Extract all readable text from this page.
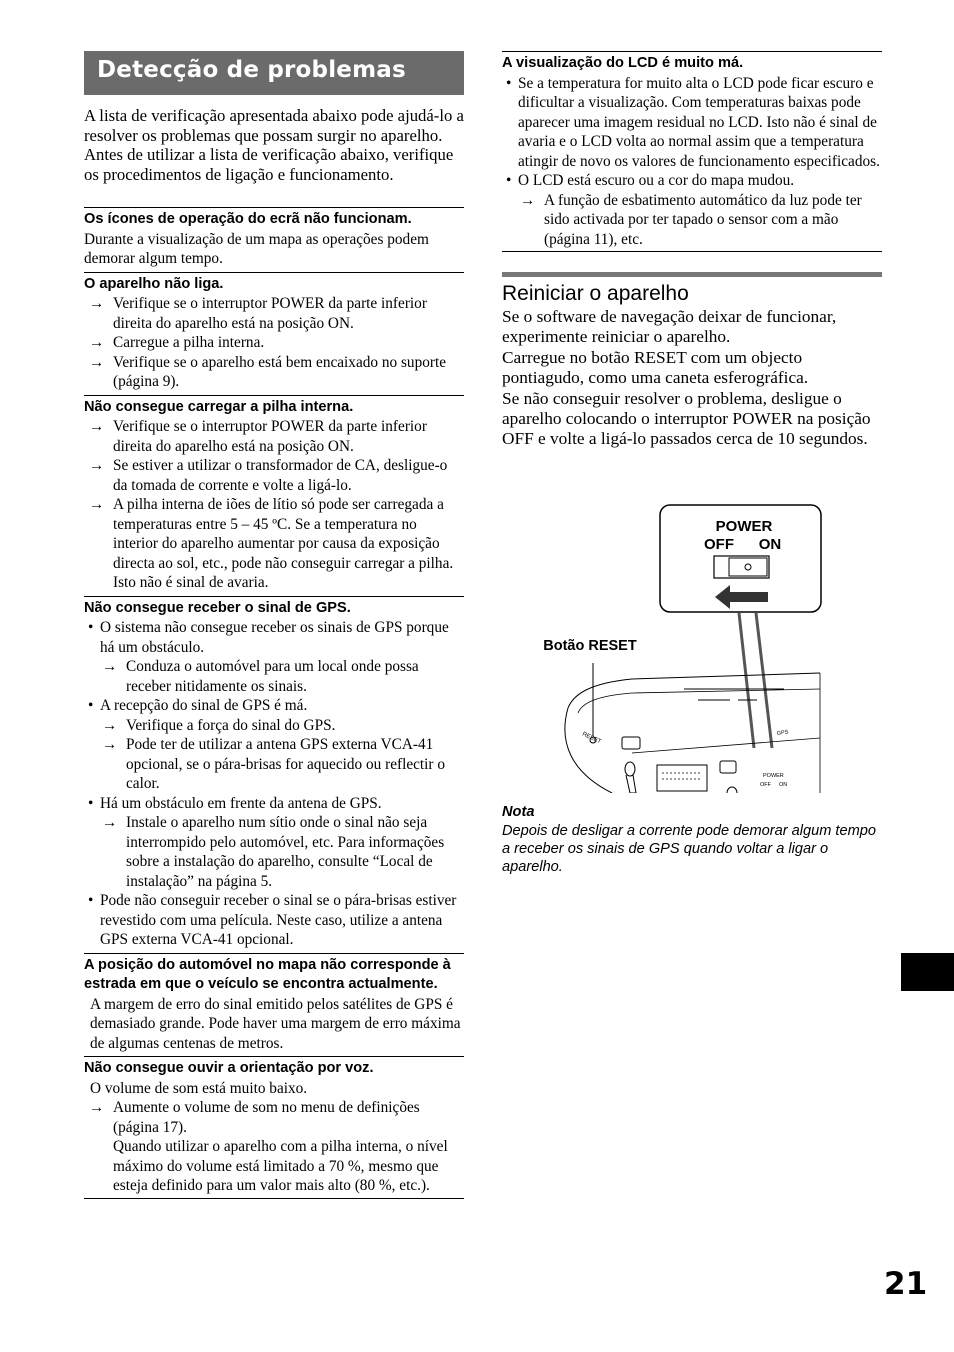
Detecção de problemas

A lista de verificação apresentada abaixo pode ajudá-lo a resolver os problemas que possam surgir no aparelho.

Antes de utilizar a lista de verificação abaixo, verifique os procedimentos de ligação e funcionamento.

Os ícones de operação do ecrã não funcionam.
Durante a visualização de um mapa as operações podem demorar algum tempo.
O aparelho não liga.
→ Verifique se o interruptor POWER da parte inferior direita do aparelho está na posição ON.
→ Carregue a pilha interna.
→ Verifique se o aparelho está bem encaixado no suporte (página 9).
Não consegue carregar a pilha interna.
→ Verifique se o interruptor POWER da parte inferior direita do aparelho está na posição ON.
→ Se estiver a utilizar o transformador de CA, desligue-o da tomada de corrente e volte a ligá-lo.
→ A pilha interna de iões de lítio só pode ser carregada a temperaturas entre 5 – 45 ºC. Se a temperatura no interior do aparelho aumentar por causa da exposição directa ao sol, etc., pode não conseguir carregar a pilha. Isto não é sinal de avaria.
Não consegue receber o sinal de GPS.
• O sistema não consegue receber os sinais de GPS porque há um obstáculo.
→ Conduza o automóvel para um local onde possa receber nitidamente os sinais.
• A recepção do sinal de GPS é má.
→ Verifique a força do sinal do GPS.
→ Pode ter de utilizar a antena GPS externa VCA-41 opcional, se o pára-brisas for aquecido ou reflectir o calor.
• Há um obstáculo em frente da antena de GPS.
→ Instale o aparelho num sítio onde o sinal não seja interrompido pelo automóvel, etc. Para informações sobre a instalação do aparelho, consulte “Local de instalação” na página 5.
• Pode não conseguir receber o sinal se o pára-brisas estiver revestido com uma película. Neste caso, utilize a antena GPS externa VCA-41 opcional.
A posição do automóvel no mapa não corresponde à estrada em que o veículo se encontra actualmente.
A margem de erro do sinal emitido pelos satélites de GPS é demasiado grande. Pode haver uma margem de erro máxima de algumas centenas de metros.
Não consegue ouvir a orientação por voz.
O volume de som está muito baixo.
→ Aumente o volume de som no menu de definições (página 17).
Quando utilizar o aparelho com a pilha interna, o nível máximo do volume está limitado a 70 %, mesmo que esteja definido para um valor mais alto (80 %, etc.).
A visualização do LCD é muito má.
• Se a temperatura for muito alta o LCD pode ficar escuro e dificultar a visualização. Com temperaturas baixas pode aparecer uma imagem residual no LCD. Isto não é sinal de avaria e o LCD volta ao normal assim que a temperatura atingir de novo os valores de funcionamento especificados.
• O LCD está escuro ou a cor do mapa mudou.
→ A função de esbatimento automático da luz pode ter sido activada por ter tapado o sensor com a mão (página 11), etc.
Reiniciar o aparelho

Se o software de navegação deixar de funcionar, experimente reiniciar o aparelho.

Carregue no botão RESET com um objecto pontiagudo, como uma caneta esferográfica.

Se não conseguir resolver o problema, desligue o aparelho colocando o interruptor POWER na posição OFF e volte a ligá-lo passados cerca de 10 segundos.

POWER
OFF ON
Botão RESET
RESET	GPS
POWER
OFF ON
Nota
Depois de desligar a corrente pode demorar algum tempo a receber os sinais de GPS quando voltar a ligar o aparelho.
21
